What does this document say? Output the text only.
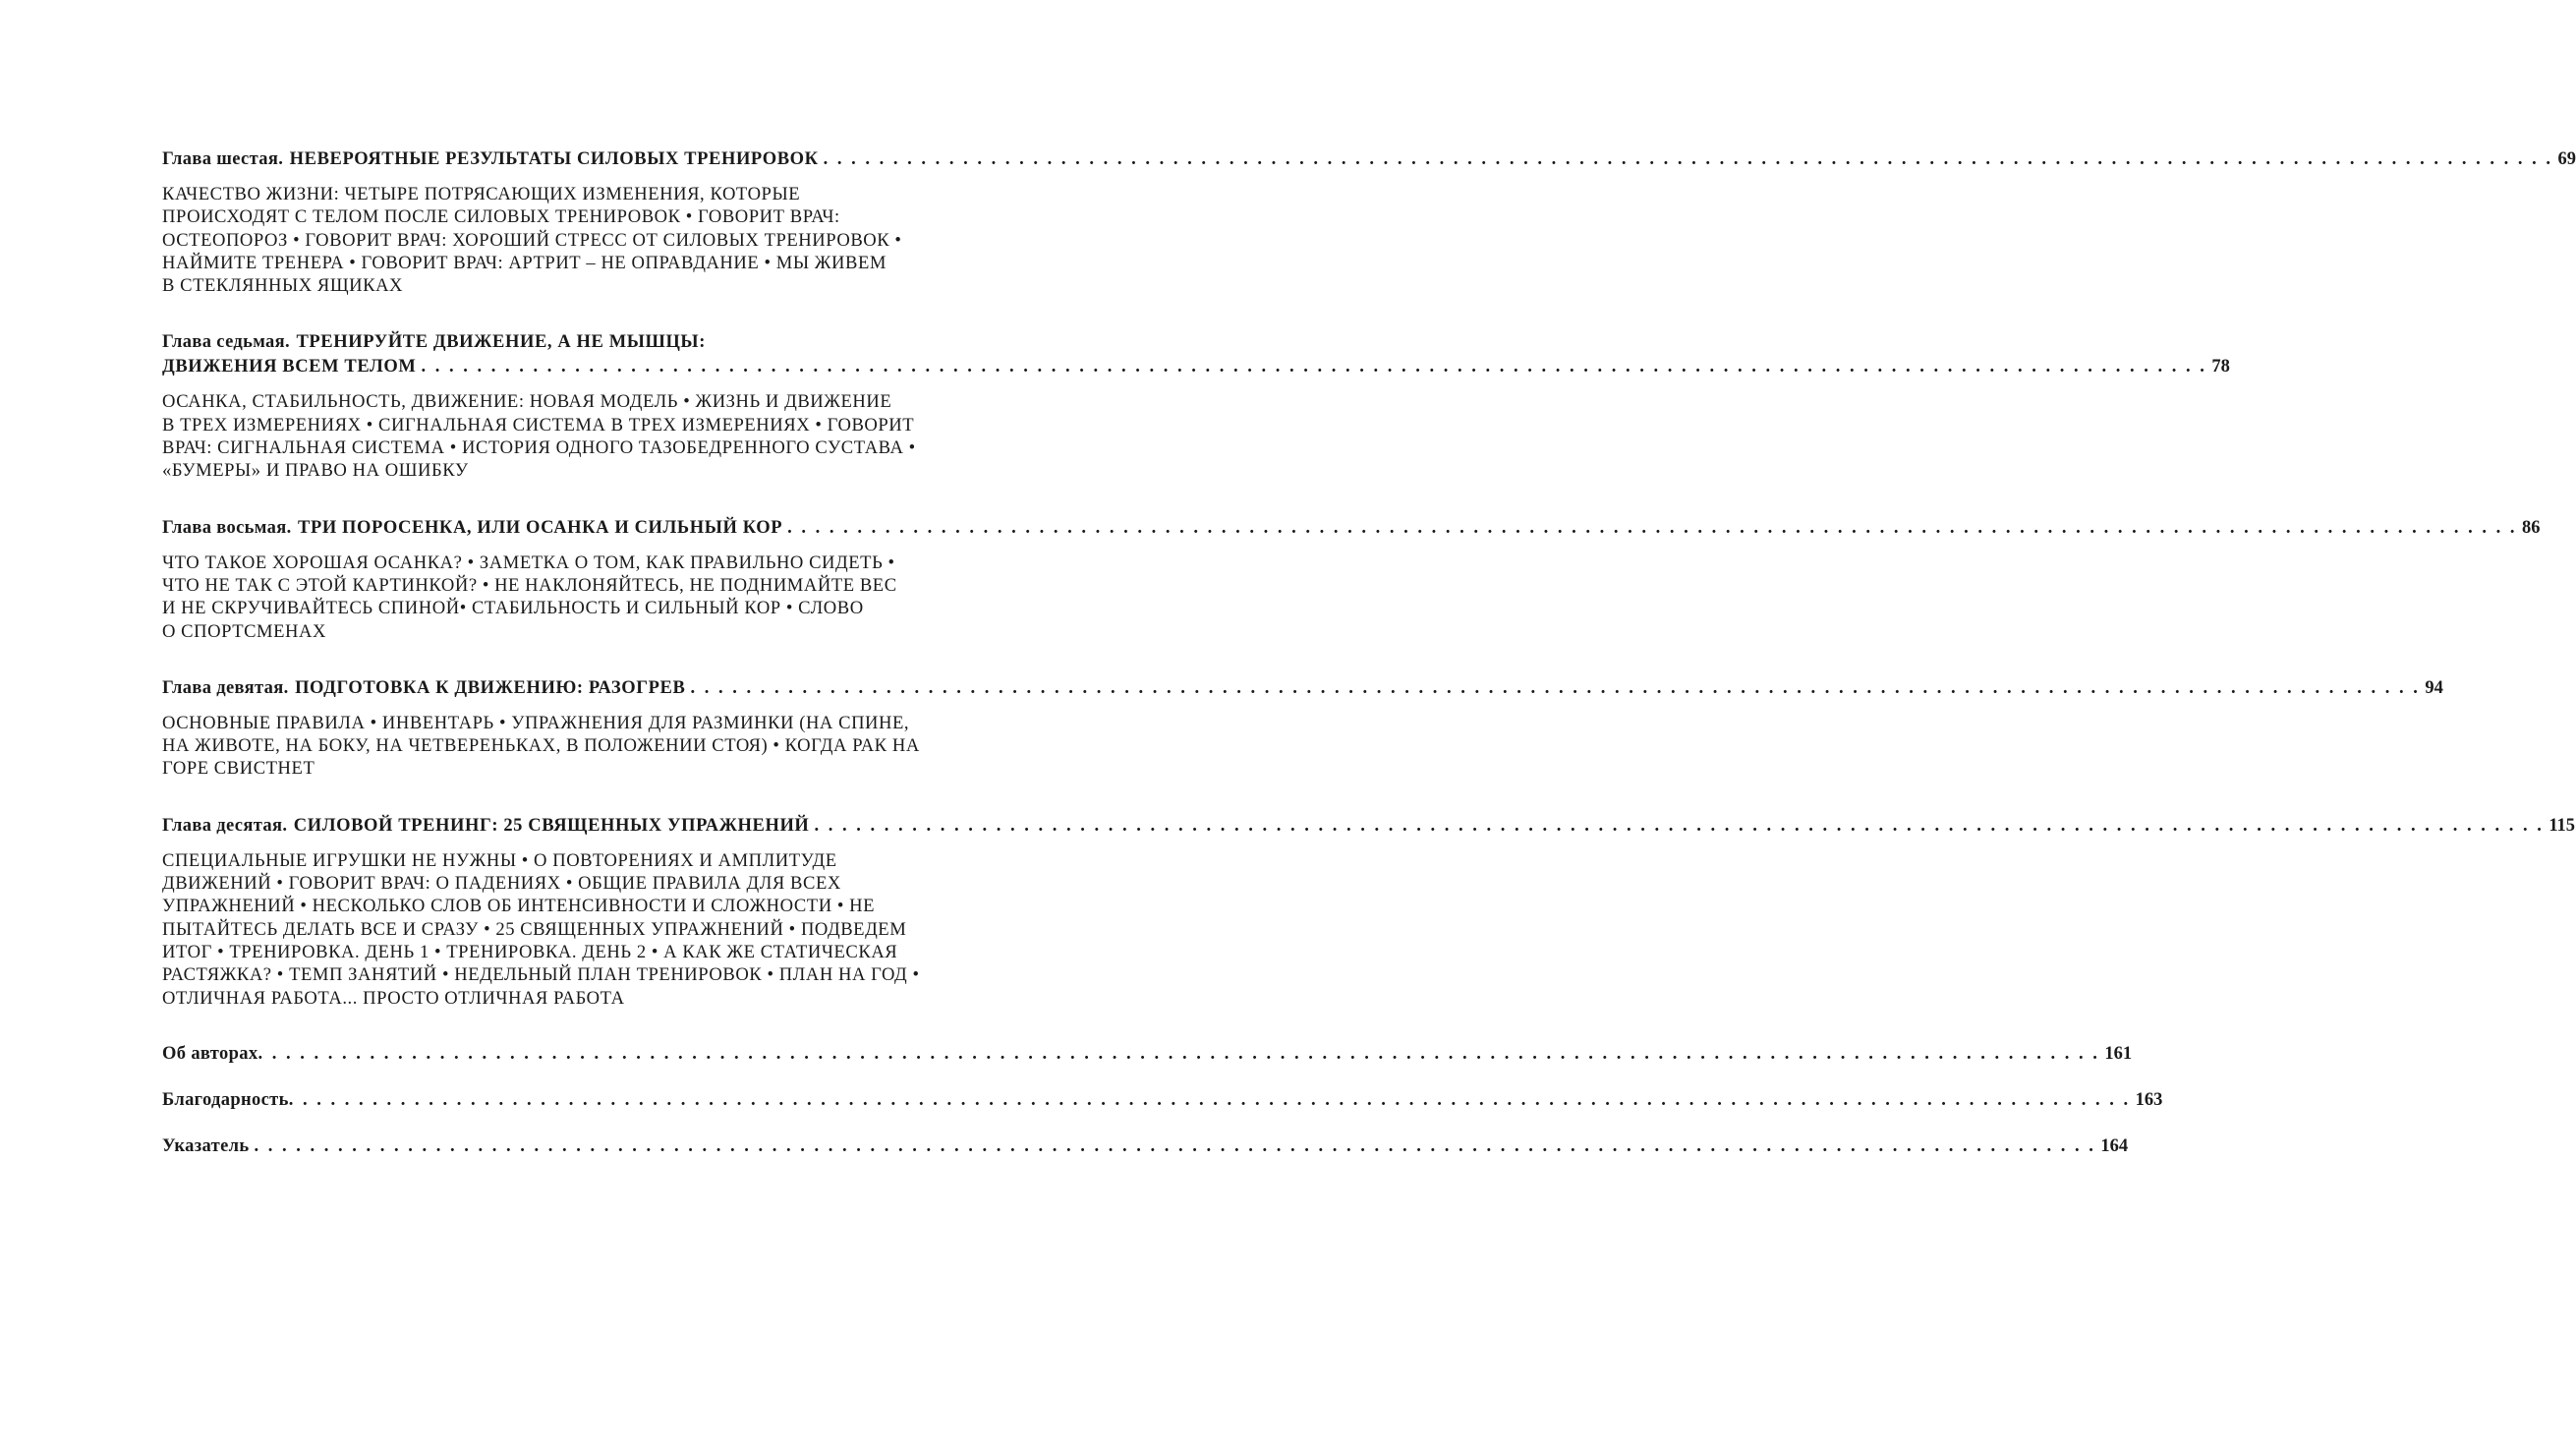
Глава шестая.
НЕВЕРОЯТНЫЕ РЕЗУЛЬТАТЫ СИЛОВЫХ ТРЕНИРОВОК . . . . . . . . . . . . . . . . . . . . . . . . . . . . . . . . . . . . . . . . . . . . . . . . . . . . . . . . . . . . . . . . . . . . . . . . . . . . . . . . . . . . . . . . . . . . . . . . . . . . . . . . . . . . . . . . . . . . . . . . . . . . 69
КАЧЕСТВО ЖИЗНИ: ЧЕТЫРЕ ПОТРЯСАЮЩИХ ИЗМЕНЕНИЯ, КОТОРЫЕ
ПРОИСХОДЯТ С ТЕЛОМ ПОСЛЕ СИЛОВЫХ ТРЕНИРОВОК • ГОВОРИТ ВРАЧ:
ОСТЕОПОРОЗ • ГОВОРИТ ВРАЧ: ХОРОШИЙ СТРЕСС ОТ СИЛОВЫХ ТРЕНИРОВОК •
НАЙМИТЕ ТРЕНЕРА • ГОВОРИТ ВРАЧ: АРТРИТ – НЕ ОПРАВДАНИЕ • МЫ ЖИВЕМ
В СТЕКЛЯННЫХ ЯЩИКАХ
Глава седьмая. ТРЕНИРУЙТЕ ДВИЖЕНИЕ, А НЕ МЫШЦЫ:
ДВИЖЕНИЯ ВСЕМ ТЕЛОМ . . . . . . . . . . . . . . . . . . . . . . . . . . . . . . . . . . . . . . . . . . . . . . . . . . . . . . . . . . . . . . . . . . . . . . . . . . . . . . . . . . . . . . . . . . . . . . . . . . . . . . . . . . . . . . . . . . . . . . . . . . . . . . . . 78
ОСАНКА, СТАБИЛЬНОСТЬ, ДВИЖЕНИЕ: НОВАЯ МОДЕЛЬ • ЖИЗНЬ И ДВИЖЕНИЕ
В ТРЕХ ИЗМЕРЕНИЯХ • СИГНАЛЬНАЯ СИСТЕМА В ТРЕХ ИЗМЕРЕНИЯХ • ГОВОРИТ
ВРАЧ: СИГНАЛЬНАЯ СИСТЕМА • ИСТОРИЯ ОДНОГО ТАЗОБЕДРЕННОГО СУСТАВА •
«БУМЕРЫ» И ПРАВО НА ОШИБКУ
Глава восьмая.
ТРИ ПОРОСЕНКА, ИЛИ ОСАНКА И СИЛЬНЫЙ КОР . . . . . . . . . . . . . . . . . . . . . . . . . . . . . . . . . . . . . . . . . . . . . . . . . . . . . . . . . . . . . . . . . . . . . . . . . . . . . . . . . . . . . . . . . . . . . . . . . . . . . . . . . . . . . . . . . . . . . . . . . . . . 86
ЧТО ТАКОЕ ХОРОШАЯ ОСАНКА? • ЗАМЕТКА О ТОМ, КАК ПРАВИЛЬНО СИДЕТЬ •
ЧТО НЕ ТАК С ЭТОЙ КАРТИНКОЙ? • НЕ НАКЛОНЯЙТЕСЬ, НЕ ПОДНИМАЙТЕ ВЕС
И НЕ СКРУЧИВАЙТЕСЬ СПИНОЙ• СТАБИЛЬНОСТЬ И СИЛЬНЫЙ КОР • СЛОВО
О СПОРТСМЕНАХ
Глава девятая.
ПОДГОТОВКА К ДВИЖЕНИЮ: РАЗОГРЕВ . . . . . . . . . . . . . . . . . . . . . . . . . . . . . . . . . . . . . . . . . . . . . . . . . . . . . . . . . . . . . . . . . . . . . . . . . . . . . . . . . . . . . . . . . . . . . . . . . . . . . . . . . . . . . . . . . . . . . . . . . . . . 94
ОСНОВНЫЕ ПРАВИЛА • ИНВЕНТАРЬ • УПРАЖНЕНИЯ ДЛЯ РАЗМИНКИ (НА СПИНЕ,
НА ЖИВОТЕ, НА БОКУ, НА ЧЕТВЕРЕНЬКАХ, В ПОЛОЖЕНИИ СТОЯ) • КОГДА РАК НА
ГОРЕ СВИСТНЕТ
Глава десятая.
СИЛОВОЙ ТРЕНИНГ: 25 СВЯЩЕННЫХ УПРАЖНЕНИЙ . . . . . . . . . . . . . . . . . . . . . . . . . . . . . . . . . . . . . . . . . . . . . . . . . . . . . . . . . . . . . . . . . . . . . . . . . . . . . . . . . . . . . . . . . . . . . . . . . . . . . . . . . . . . . . . . . . . . . . . . . . . . 115
СПЕЦИАЛЬНЫЕ ИГРУШКИ НЕ НУЖНЫ • О ПОВТОРЕНИЯХ И АМПЛИТУДЕ
ДВИЖЕНИЙ • ГОВОРИТ ВРАЧ: О ПАДЕНИЯХ • ОБЩИЕ ПРАВИЛА ДЛЯ ВСЕХ
УПРАЖНЕНИЙ • НЕСКОЛЬКО СЛОВ ОБ ИНТЕНСИВНОСТИ И СЛОЖНОСТИ • НЕ
ПЫТАЙТЕСЬ ДЕЛАТЬ ВСЕ И СРАЗУ • 25 СВЯЩЕННЫХ УПРАЖНЕНИЙ • ПОДВЕДЕМ
ИТОГ • ТРЕНИРОВКА. ДЕНЬ 1 • ТРЕНИРОВКА. ДЕНЬ 2 • А КАК ЖЕ СТАТИЧЕСКАЯ
РАСТЯЖКА? • ТЕМП ЗАНЯТИЙ • НЕДЕЛЬНЫЙ ПЛАН ТРЕНИРОВОК • ПЛАН НА ГОД •
ОТЛИЧНАЯ РАБОТА... ПРОСТО ОТЛИЧНАЯ РАБОТА
Об авторах . . . . . . . . . . . . . . . . . . . . . . . . . . . . . . . . . . . . . . . . . . . . . . . . . . . . . . . . . . . . . . . . . . . . . . . . . . . . . . . . . . . . . . . . . . . . . . . . . . . . . . . . . . . . . . . . . . . . . . . . . . . . . . . . . . . . 161
Благодарность . . . . . . . . . . . . . . . . . . . . . . . . . . . . . . . . . . . . . . . . . . . . . . . . . . . . . . . . . . . . . . . . . . . . . . . . . . . . . . . . . . . . . . . . . . . . . . . . . . . . . . . . . . . . . . . . . . . . . . . . . . . . . . . . . . . . 163
Указатель . . . . . . . . . . . . . . . . . . . . . . . . . . . . . . . . . . . . . . . . . . . . . . . . . . . . . . . . . . . . . . . . . . . . . . . . . . . . . . . . . . . . . . . . . . . . . . . . . . . . . . . . . . . . . . . . . . . . . . . . . . . . . . . . . . . . 164
